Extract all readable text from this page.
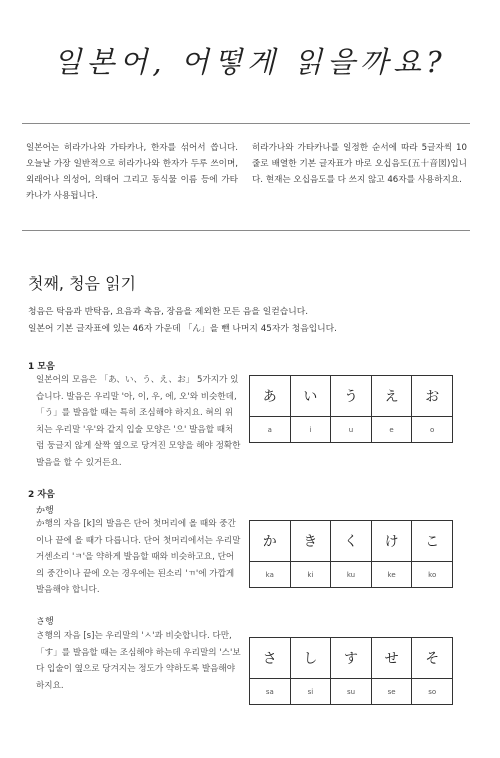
일본어, 어떻게 읽을까요?
일본어는 히라가나와 가타카나, 한자를 섞어서 씁니다. 오늘날 가장 일반적으로 히라가나와 한자가 두루 쓰이며, 외래어나 의성어, 의태어 그리고 동식물 이름 등에 가타카나가 사용됩니다.
히라가나와 가타카나를 일정한 순서에 따라 5글자씩 10줄로 배열한 기본 글자표가 바로 오십음도(五十音図)입니다. 현재는 오십음도를 다 쓰지 않고 46자를 사용하지요.
첫째, 청음 읽기
청음은 탁음과 반탁음, 요음과 촉음, 장음을 제외한 모든 음을 일컫습니다.
일본어 기본 글자표에 있는 46자 가운데 「ん」을 뺀 나머지 45자가 청음입니다.
1 모음
일본어의 모음은 「あ、い、う、え、お」 5가지가 있습니다. 발음은 우리말 '아, 이, 우, 에, 오'와 비슷한데, 「う」를 발음할 때는 특히 조심해야 하지요. 혀의 위치는 우리말 '우'와 같지 입술 모양은 '으' 발음할 때처럼 둥글지 않게 살짝 옆으로 당겨진 모양을 해야 정확한 발음을 할 수 있거든요.
あ	い	う	え	お
a	i	u	e	o
2 자음
か행
か행의 자음 [k]의 발음은 단어 첫머리에 올 때와 중간이나 끝에 올 때가 다릅니다. 단어 첫머리에서는 우리말 거센소리 'ㅋ'을 약하게 발음할 때와 비슷하고요, 단어의 중간이나 끝에 오는 경우에는 된소리 'ㄲ'에 가깝게 발음해야 합니다.
か	き	く	け	こ
ka	ki	ku	ke	ko
さ행
さ행의 자음 [s]는 우리말의 'ㅅ'과 비슷합니다. 다만, 「す」를 발음할 때는 조심해야 하는데 우리말의 '스'보다 입술이 옆으로 당겨지는 정도가 약하도록 발음해야 하지요.
さ	し	す	せ	そ
sa	si	su	se	so
